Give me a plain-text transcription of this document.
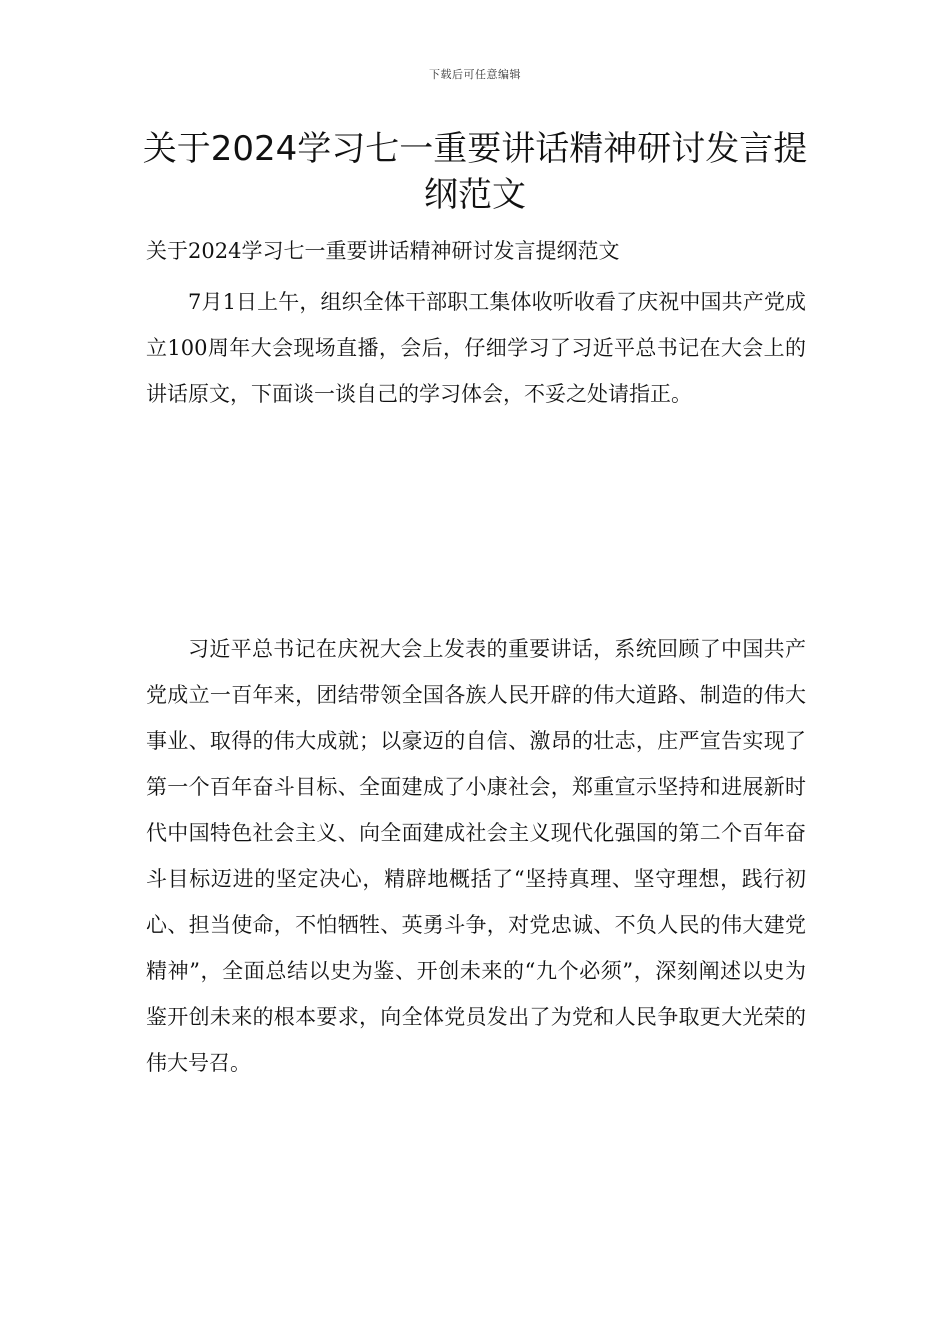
下载后可任意编辑
关于2024学习七一重要讲话精神研讨发言提纲范文

关于2024学习七一重要讲话精神研讨发言提纲范文

7月1日上午，组织全体干部职工集体收听收看了庆祝中国共产党成立100周年大会现场直播，会后，仔细学习了习近平总书记在大会上的讲话原文，下面谈一谈自己的学习体会，不妥之处请指正。

习近平总书记在庆祝大会上发表的重要讲话，系统回顾了中国共产党成立一百年来，团结带领全国各族人民开辟的伟大道路、制造的伟大事业、取得的伟大成就；以豪迈的自信、激昂的壮志，庄严宣告实现了第一个百年奋斗目标、全面建成了小康社会，郑重宣示坚持和进展新时代中国特色社会主义、向全面建成社会主义现代化强国的第二个百年奋斗目标迈进的坚定决心，精辟地概括了“坚持真理、坚守理想，践行初心、担当使命，不怕牺牲、英勇斗争，对党忠诚、不负人民的伟大建党精神”，全面总结以史为鉴、开创未来的“九个必须”，深刻阐述以史为鉴开创未来的根本要求，向全体党员发出了为党和人民争取更大光荣的伟大号召。
